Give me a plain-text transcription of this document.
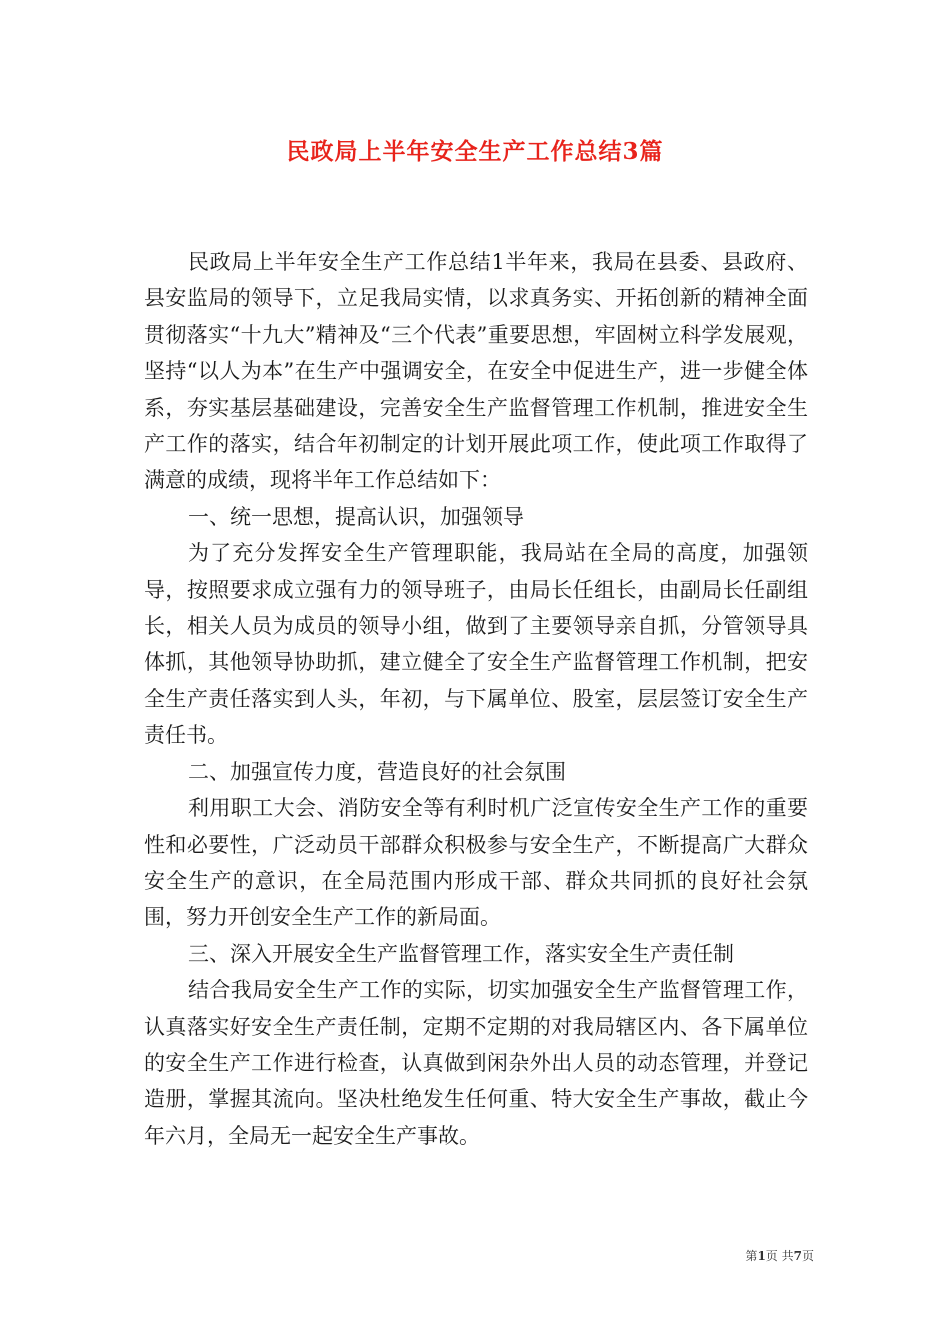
民政局上半年安全生产工作总结3篇

民政局上半年安全生产工作总结1半年来，我局在县委、县政府、县安监局的领导下，立足我局实情，以求真务实、开拓创新的精神全面贯彻落实“十九大”精神及“三个代表”重要思想，牢固树立科学发展观，坚持“以人为本”在生产中强调安全，在安全中促进生产，进一步健全体系，夯实基层基础建设，完善安全生产监督管理工作机制，推进安全生产工作的落实，结合年初制定的计划开展此项工作，使此项工作取得了满意的成绩，现将半年工作总结如下：

一、统一思想，提高认识，加强领导

为了充分发挥安全生产管理职能，我局站在全局的高度，加强领导，按照要求成立强有力的领导班子，由局长任组长，由副局长任副组长，相关人员为成员的领导小组，做到了主要领导亲自抓，分管领导具体抓，其他领导协助抓，建立健全了安全生产监督管理工作机制，把安全生产责任落实到人头，年初，与下属单位、股室，层层签订安全生产责任书。

二、加强宣传力度，营造良好的社会氛围

利用职工大会、消防安全等有利时机广泛宣传安全生产工作的重要性和必要性，广泛动员干部群众积极参与安全生产，不断提高广大群众安全生产的意识，在全局范围内形成干部、群众共同抓的良好社会氛围，努力开创安全生产工作的新局面。

三、深入开展安全生产监督管理工作，落实安全生产责任制

结合我局安全生产工作的实际，切实加强安全生产监督管理工作，认真落实好安全生产责任制，定期不定期的对我局辖区内、各下属单位的安全生产工作进行检查，认真做到闲杂外出人员的动态管理，并登记造册，掌握其流向。坚决杜绝发生任何重、特大安全生产事故，截止今年六月，全局无一起安全生产事故。

第1页 共7页
